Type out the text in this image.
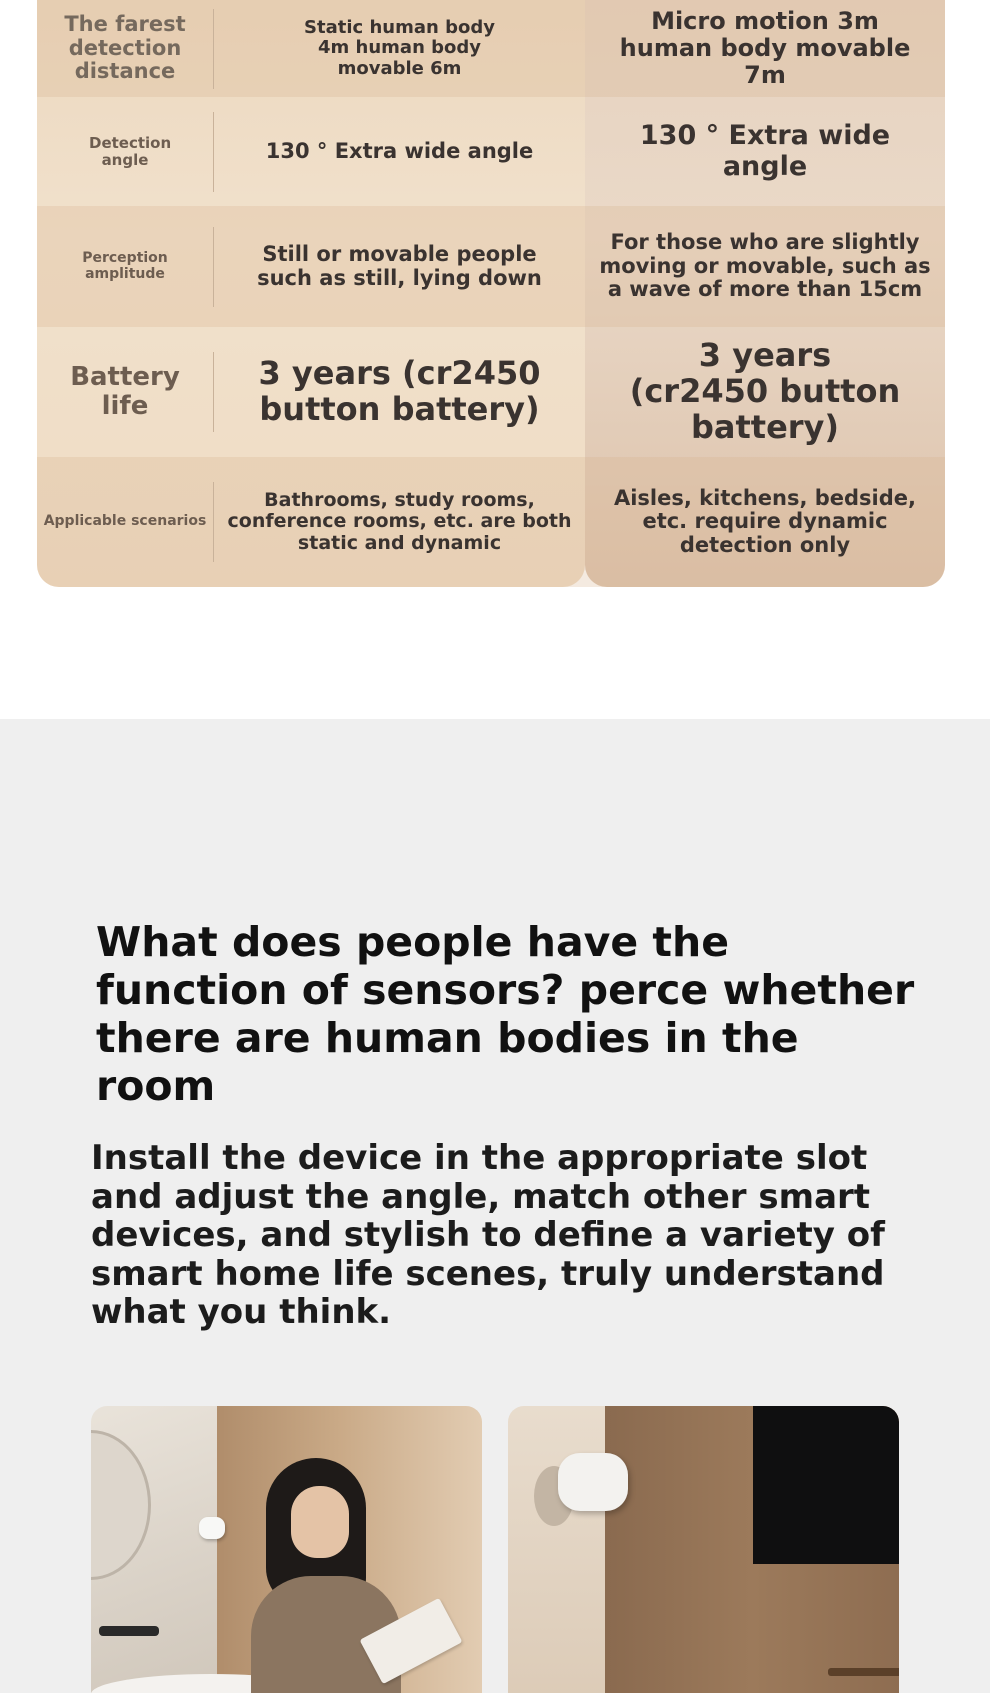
The farest detection distance
Static human body 4m human body movable 6m
Micro motion 3m human body movable 7m
Detection angle	130 ° Extra wide angle	130 ° Extra wide angle
Perception amplitude
Still or movable people such as still, lying down
For those who are slightly moving or movable, such as a wave of more than 15cm
Battery life
3 years (cr2450 button battery)
3 years (cr2450 button battery)
Applicable scenarios
Bathrooms, study rooms, conference rooms, etc. are both static and dynamic
Aisles, kitchens, bedside, etc. require dynamic detection only
What does people have the function of sensors? perce whether there are human bodies in the room

Install the device in the appropriate slot and adjust the angle, match other smart devices, and stylish to define a variety of smart home life scenes, truly understand what you think.
